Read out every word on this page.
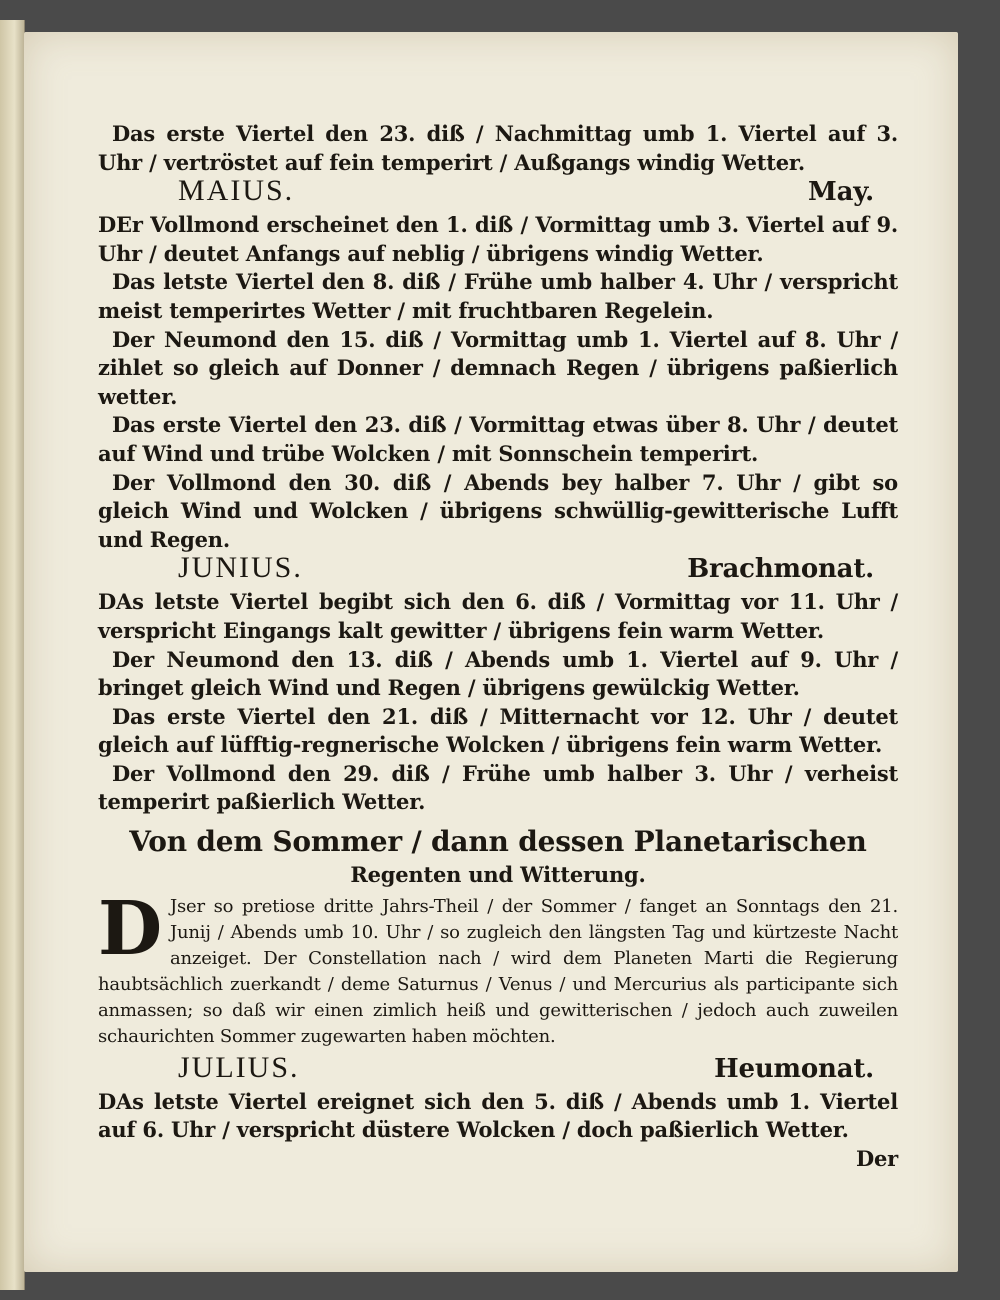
Das erste Viertel den 23. diß / Nachmittag umb 1. Viertel auf 3. Uhr / vertröstet auf fein temperirt / Außgangs windig Wetter.

MAIUS.	May.

DEr Vollmond erscheinet den 1. diß / Vormittag umb 3. Viertel auf 9. Uhr / deutet Anfangs auf neblig / übrigens windig Wetter.

Das letste Viertel den 8. diß / Frühe umb halber 4. Uhr / verspricht meist temperirtes Wetter / mit fruchtbaren Regelein.

Der Neumond den 15. diß / Vormittag umb 1. Viertel auf 8. Uhr / zihlet so gleich auf Donner / demnach Regen / übrigens paßierlich wetter.

Das erste Viertel den 23. diß / Vormittag etwas über 8. Uhr / deutet auf Wind und trübe Wolcken / mit Sonnschein temperirt.

Der Vollmond den 30. diß / Abends bey halber 7. Uhr / gibt so gleich Wind und Wolcken / übrigens schwüllig-gewitterische Lufft und Regen.

JUNIUS.	Brachmonat.

DAs letste Viertel begibt sich den 6. diß / Vormittag vor 11. Uhr / verspricht Eingangs kalt gewitter / übrigens fein warm Wetter.

Der Neumond den 13. diß / Abends umb 1. Viertel auf 9. Uhr / bringet gleich Wind und Regen / übrigens gewülckig Wetter.

Das erste Viertel den 21. diß / Mitternacht vor 12. Uhr / deutet gleich auf lüfftig-regnerische Wolcken / übrigens fein warm Wetter.

Der Vollmond den 29. diß / Frühe umb halber 3. Uhr / verheist temperirt paßierlich Wetter.

Von dem Sommer / dann dessen Planetarischen
Regenten und Witterung.

D Jser so pretiose dritte Jahrs-Theil / der Sommer / fanget an Sonntags den 21. Junij / Abends umb 10. Uhr / so zugleich den längsten Tag und kürtzeste Nacht anzeiget. Der Constellation nach / wird dem Planeten Marti die Regierung haubtsächlich zuerkandt / deme Saturnus / Venus / und Mercurius als participante sich anmassen; so daß wir einen zimlich heiß und gewitterischen / jedoch auch zuweilen schaurichten Sommer zugewarten haben möchten.

JULIUS.	Heumonat.

DAs letste Viertel ereignet sich den 5. diß / Abends umb 1. Viertel auf 6. Uhr / verspricht düstere Wolcken / doch paßierlich Wetter.

Der
